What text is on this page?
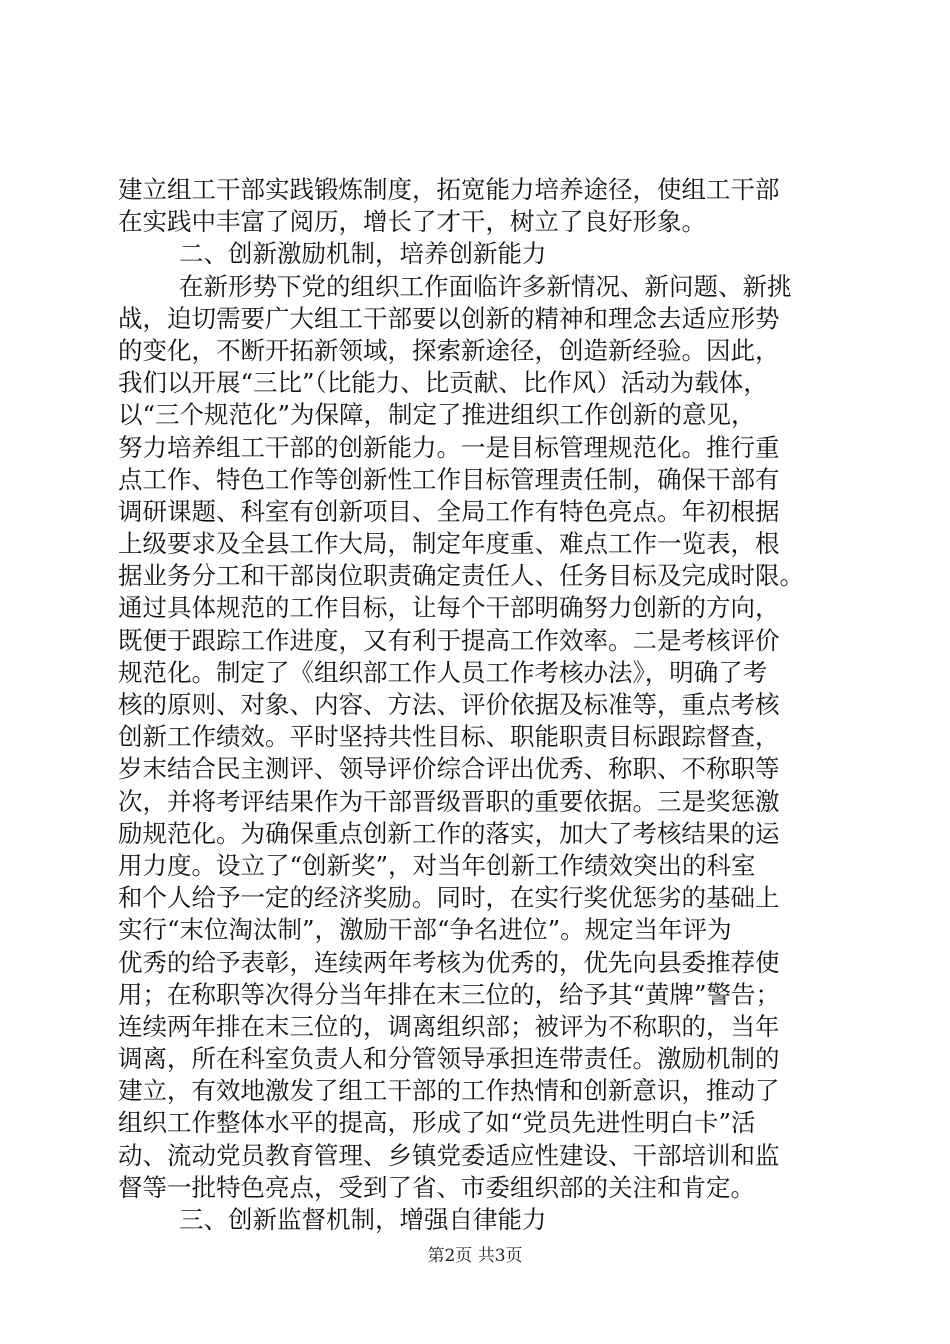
建立组工干部实践锻炼制度，拓宽能力培养途径，使组工干部
在实践中丰富了阅历，增长了才干，树立了良好形象。
二、创新激励机制，培养创新能力
在新形势下党的组织工作面临许多新情况、新问题、新挑
战，迫切需要广大组工干部要以创新的精神和理念去适应形势
的变化，不断开拓新领域，探索新途径，创造新经验。因此，
我们以开展“三比”（比能力、比贡献、比作风）活动为载体，
以“三个规范化”为保障，制定了推进组织工作创新的意见，
努力培养组工干部的创新能力。一是目标管理规范化。推行重
点工作、特色工作等创新性工作目标管理责任制，确保干部有
调研课题、科室有创新项目、全局工作有特色亮点。年初根据
上级要求及全县工作大局，制定年度重、难点工作一览表，根
据业务分工和干部岗位职责确定责任人、任务目标及完成时限。
通过具体规范的工作目标，让每个干部明确努力创新的方向，
既便于跟踪工作进度，又有利于提高工作效率。二是考核评价
规范化。制定了《组织部工作人员工作考核办法》，明确了考
核的原则、对象、内容、方法、评价依据及标准等，重点考核
创新工作绩效。平时坚持共性目标、职能职责目标跟踪督查，
岁末结合民主测评、领导评价综合评出优秀、称职、不称职等
次，并将考评结果作为干部晋级晋职的重要依据。三是奖惩激
励规范化。为确保重点创新工作的落实，加大了考核结果的运
用力度。设立了“创新奖”，对当年创新工作绩效突出的科室
和个人给予一定的经济奖励。同时，在实行奖优惩劣的基础上
实行“末位淘汰制”，激励干部“争名进位”。规定当年评为
优秀的给予表彰，连续两年考核为优秀的，优先向县委推荐使
用；在称职等次得分当年排在末三位的，给予其“黄牌”警告；
连续两年排在末三位的，调离组织部；被评为不称职的，当年
调离，所在科室负责人和分管领导承担连带责任。激励机制的
建立，有效地激发了组工干部的工作热情和创新意识，推动了
组织工作整体水平的提高，形成了如“党员先进性明白卡”活
动、流动党员教育管理、乡镇党委适应性建设、干部培训和监
督等一批特色亮点，受到了省、市委组织部的关注和肯定。
三、创新监督机制，增强自律能力
第2页 共3页
